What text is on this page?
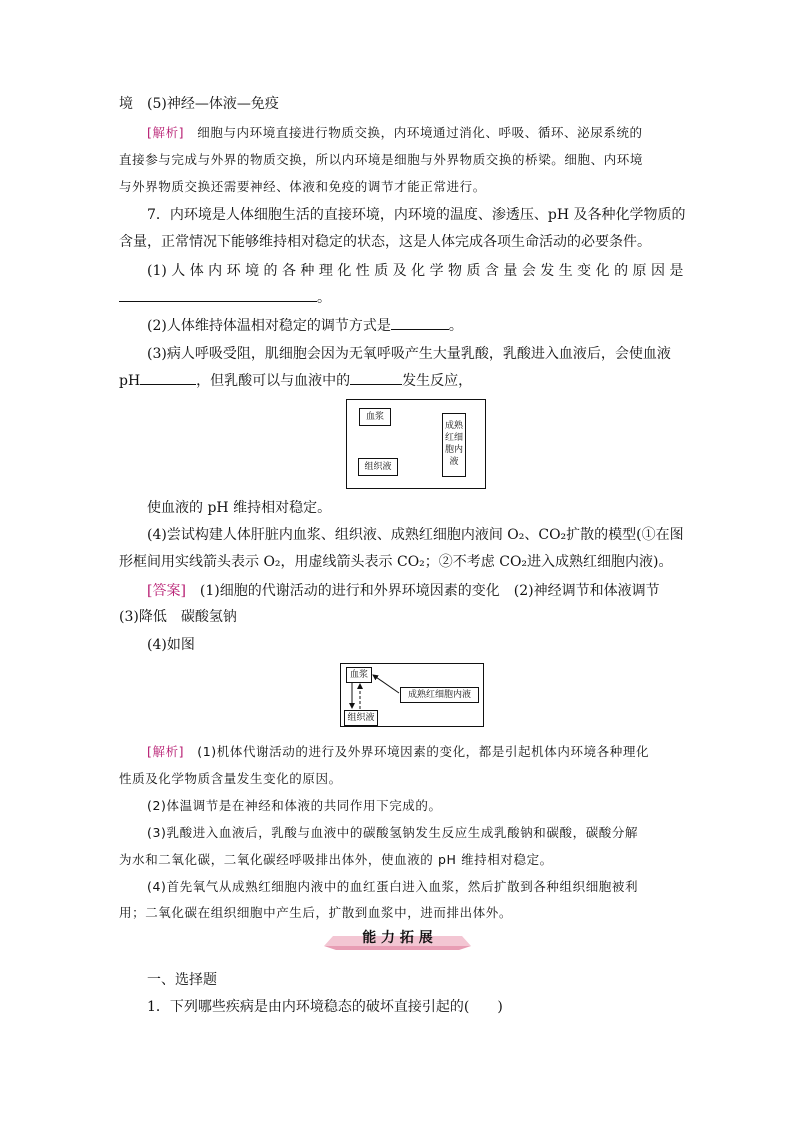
境　(5)神经—体液—免疫
[解析]　细胞与内环境直接进行物质交换，内环境通过消化、呼吸、循环、泌尿系统的
直接参与完成与外界的物质交换，所以内环境是细胞与外界物质交换的桥梁。细胞、内环境
与外界物质交换还需要神经、体液和免疫的调节才能正常进行。
7．内环境是人体细胞生活的直接环境，内环境的温度、渗透压、pH 及各种化学物质的
含量，正常情况下能够维持相对稳定的状态，这是人体完成各项生命活动的必要条件。
(1) 人 体 内 环 境 的 各 种 理 化 性 质 及 化 学 物 质 含 量 会 发 生 变 化 的 原 因 是
。
(2)人体维持体温相对稳定的调节方式是	。
(3)病人呼吸受阻，肌细胞会因为无氧呼吸产生大量乳酸，乳酸进入血液后，会使血液
pH	，但乳酸可以与血液中的	发生反应，
血浆
组织液
成熟
红细
胞内
液
使血液的 pH 维持相对稳定。
(4)尝试构建人体肝脏内血浆、组织液、成熟红细胞内液间 O₂、CO₂扩散的模型(①在图
形框间用实线箭头表示 O₂，用虚线箭头表示 CO₂；②不考虑 CO₂进入成熟红细胞内液)。
[答案]　(1)细胞的代谢活动的进行和外界环境因素的变化　(2)神经调节和体液调节
(3)降低　碳酸氢钠
(4)如图
血浆
组织液
成熟红细胞内液
[解析]　(1)机体代谢活动的进行及外界环境因素的变化，都是引起机体内环境各种理化
性质及化学物质含量发生变化的原因。
(2)体温调节是在神经和体液的共同作用下完成的。
(3)乳酸进入血液后，乳酸与血液中的碳酸氢钠发生反应生成乳酸钠和碳酸，碳酸分解
为水和二氧化碳，二氧化碳经呼吸排出体外，使血液的 pH 维持相对稳定。
(4)首先氧气从成熟红细胞内液中的血红蛋白进入血浆，然后扩散到各种组织细胞被利
用；二氧化碳在组织细胞中产生后，扩散到血浆中，进而排出体外。
能 力 拓 展
一、选择题
1．下列哪些疾病是由内环境稳态的破坏直接引起的(　　)
